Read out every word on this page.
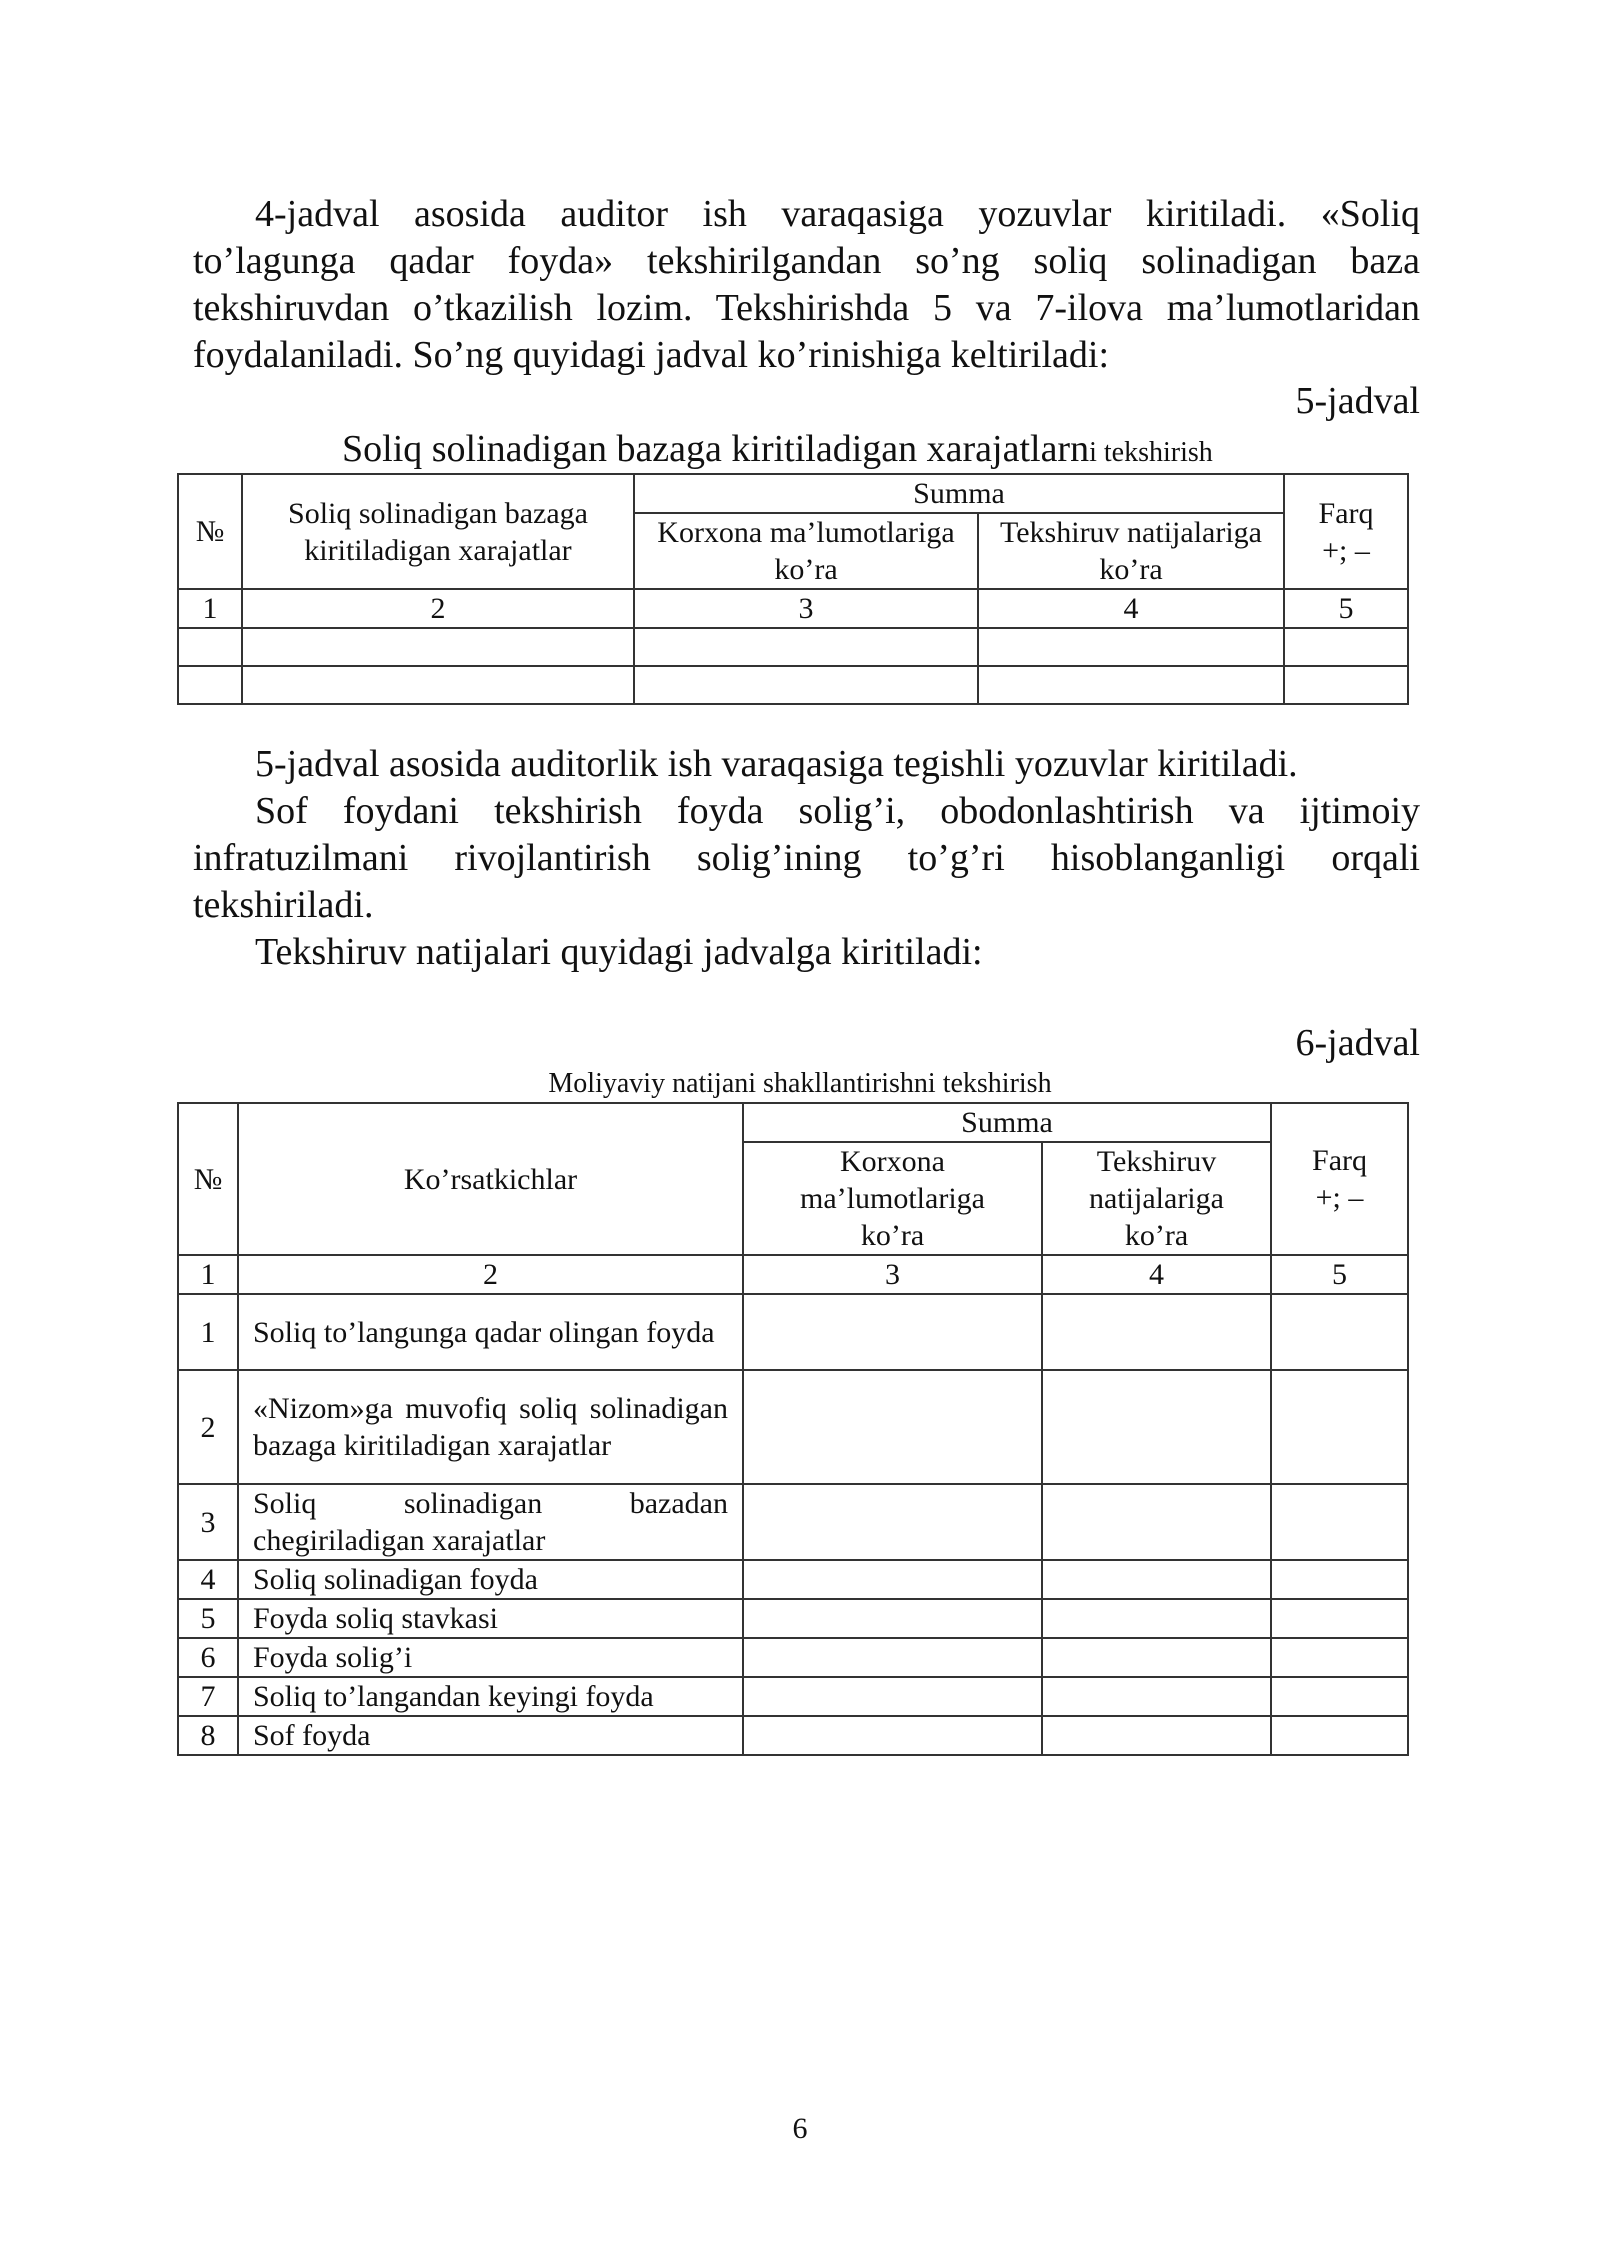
4-jadval asosida auditor ish varaqasiga yozuvlar kiritiladi. «Soliq
to’lagunga qadar foyda» tekshirilgandan so’ng soliq solinadigan baza
tekshiruvdan o’tkazilish lozim. Tekshirishda 5 va 7-ilova ma’lumotlaridan
foydalaniladi. So’ng quyidagi jadval ko’rinishiga keltiriladi:
5-jadval
Soliq solinadigan bazaga kiritiladigan xarajatlarni tekshirish
№	Soliq solinadigan bazaga kiritiladigan xarajatlar	Summa		Farq
+; –
		Korxona ma’lumotlariga ko’ra	Tekshiruv natijalariga ko’ra	
1	2	3	4	5

5-jadval asosida auditorlik ish varaqasiga tegishli yozuvlar kiritiladi.
Sof foydani tekshirish foyda solig’i, obodonlashtirish va ijtimoiy
infratuzilmani rivojlantirish solig’ining to’g’ri hisoblanganligi orqali
tekshiriladi.
Tekshiruv natijalari quyidagi jadvalga kiritiladi:
6-jadval
Moliyaviy natijani shakllantirishni tekshirish
№	Ko’rsatkichlar	Summa		Farq
+; –
		Korxona ma’lumotlariga ko’ra	Tekshiruv natijalariga ko’ra	
1	2	3	4	5
1	Soliq to’langunga qadar olingan foyda			
2	«Nizom»ga muvofiq soliq solinadigan bazaga kiritiladigan xarajatlar			
3	Soliq solinadigan bazadan chegiriladigan xarajatlar			
4	Soliq solinadigan foyda			
5	Foyda soliq stavkasi			
6	Foyda solig’i			
7	Soliq to’langandan keyingi foyda			
8	Sof foyda			
6
